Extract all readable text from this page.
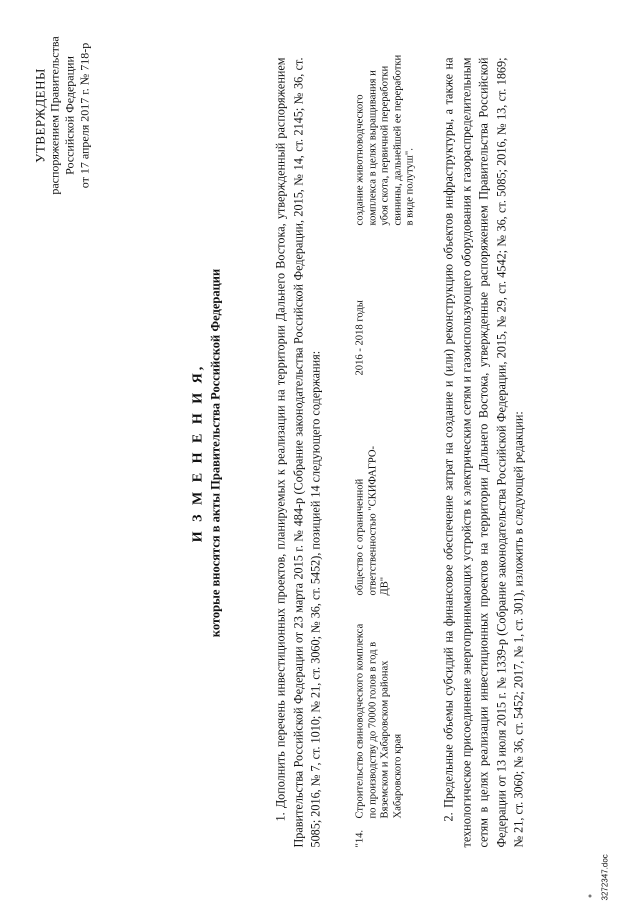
УТВЕРЖДЕНЫ распоряжением Правительства Российской Федерации от 17 апреля 2017 г. № 718-р
И З М Е Н Е Н И Я, которые вносятся в акты Правительства Российской Федерации	1. Дополнить перечень инвестиционных проектов, планируемых к реализации на территории Дальнего Востока, утвержденный распоряжением Правительства Российской Федерации от 23 марта 2015 г. № 484-р (Собрание законодательства Российской Федерации, 2015, № 14, ст. 2145; № 36, ст. 5085; 2016, № 7, ст. 1010; № 21, ст. 3060; № 36, ст. 5452), позицией 14 следующего содержания:	"14.
Строительство свиноводческого комплекса по производству до 70000 голов в год в Вяземском и Хабаровском районах Хабаровского края
общество с ограниченной ответственностью "СКИФАГРО-ДВ"
2016 - 2018 годы
создание животноводческого комплекса в целях выращивания и убоя скота, первичной переработки свинины, дальнейшей ее переработки в виде полутуш". 2. Предельные объемы субсидий на финансовое обеспечение затрат на создание и (или) реконструкцию объектов инфраструктуры, а также на технологическое присоединение энергопринимающих устройств к электрическим сетям и газоиспользующего оборудования к газораспределительным сетям в целях реализации инвестиционных проектов на территории Дальнего Востока, утвержденные распоряжением Правительства Российской Федерации от 13 июля 2015 г. № 1339-р (Собрание законодательства Российской Федерации, 2015, № 29, ст. 4542; № 36, ст. 5085; 2016, № 13, ст. 1869; № 21, ст. 3060; № 36, ст. 5452; 2017, № 1, ст. 301), изложить в следующей редакции:
3272347.doc
